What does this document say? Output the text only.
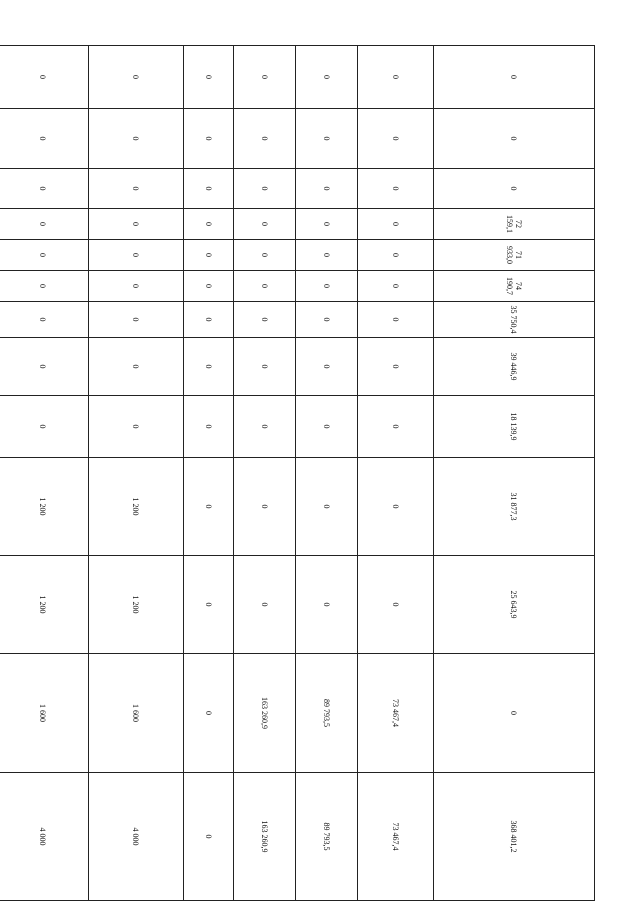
0	0	0	72 159,1	71 933,0	74 190,7	35 750,4	39 446,9	18 139,9	31 877,3	25 643,9	0	368 401,2			
0	0	0	0	0	0	0	0	0	0	0	73 467,4	73 467,4			
0	0	0	0	0	0	0	0	0	0	0	89 793,5	89 793,5	
0	0	0	0	0	0	0	0	0	0	0	163 260,9	163 260,9	
0	0	0	0	0	0	0	0	0	0	0	0	0	
0	0	0	0	0	0	0	0	0	1 200	1 200	1 600	4 000			
0	0	0	0	0	0	0	0	0	1 200	1 200	1 600	4 000	
